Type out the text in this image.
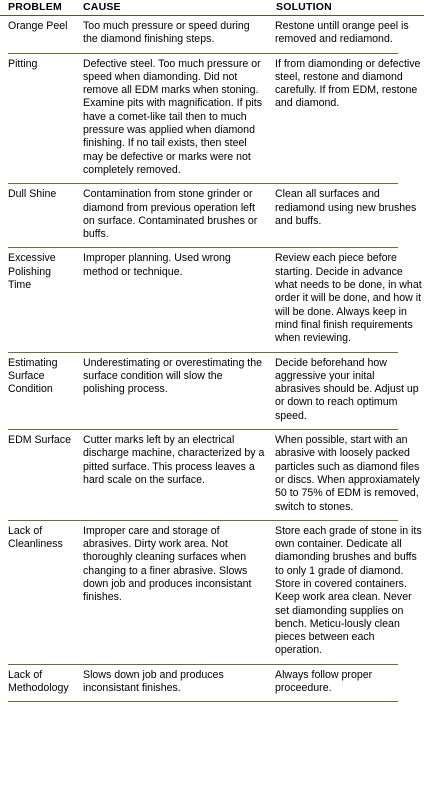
PROBLEM	CAUSE	SOLUTION
Orange Peel	Too much pressure or speed during the diamond finishing steps.	Restone untill orange peel is removed and rediamond.

Pitting	Defective steel. Too much pressure or speed when diamonding. Did not remove all EDM marks when stoning. Examine pits with magnification. If pits have a comet-like tail then to much pressure was applied when diamond finishing. If no tail exists, then steel may be defective or marks were not completely removed.	If from diamonding or defective steel, restone and diamond carefully. If from EDM, restone and diamond.

Dull Shine	Contamination from stone grinder or diamond from previous operation left on surface. Contaminated brushes or buffs.	Clean all surfaces and rediamond using new brushes and buffs.

Excessive Polishing Time	Improper planning. Used wrong method or technique.	Review each piece before starting. Decide in advance what needs to be done, in what order it will be done, and how it will be done. Always keep in mind final finish requirements when reviewing.

Estimating Surface Condition	Underestimating or overestimating the surface condition will slow the polishing process.	Decide beforehand how aggressive your inital abrasives should be. Adjust up or down to reach optimum speed.

EDM Surface	Cutter marks left by an electrical discharge machine, characterized by a pitted surface. This process leaves a hard scale on the surface.	When possible, start with an abrasive with loosely packed particles such as diamond files or discs. When approxiamately 50 to 75% of EDM is removed, switch to stones.

Lack of Cleanliness	Improper care and storage of abrasives. Dirty work area. Not thoroughly cleaning surfaces when changing to a finer abrasive. Slows down job and produces inconsistant finishes.	Store each grade of stone in its own container. Dedicate all diamonding brushes and buffs to only 1 grade of diamond. Store in covered containers. Keep work area clean. Never set diamonding supplies on bench. Meticu-lously clean pieces between each operation.

Lack of Methodology	Slows down job and produces inconsistant finishes.	Always follow proper proceedure.
